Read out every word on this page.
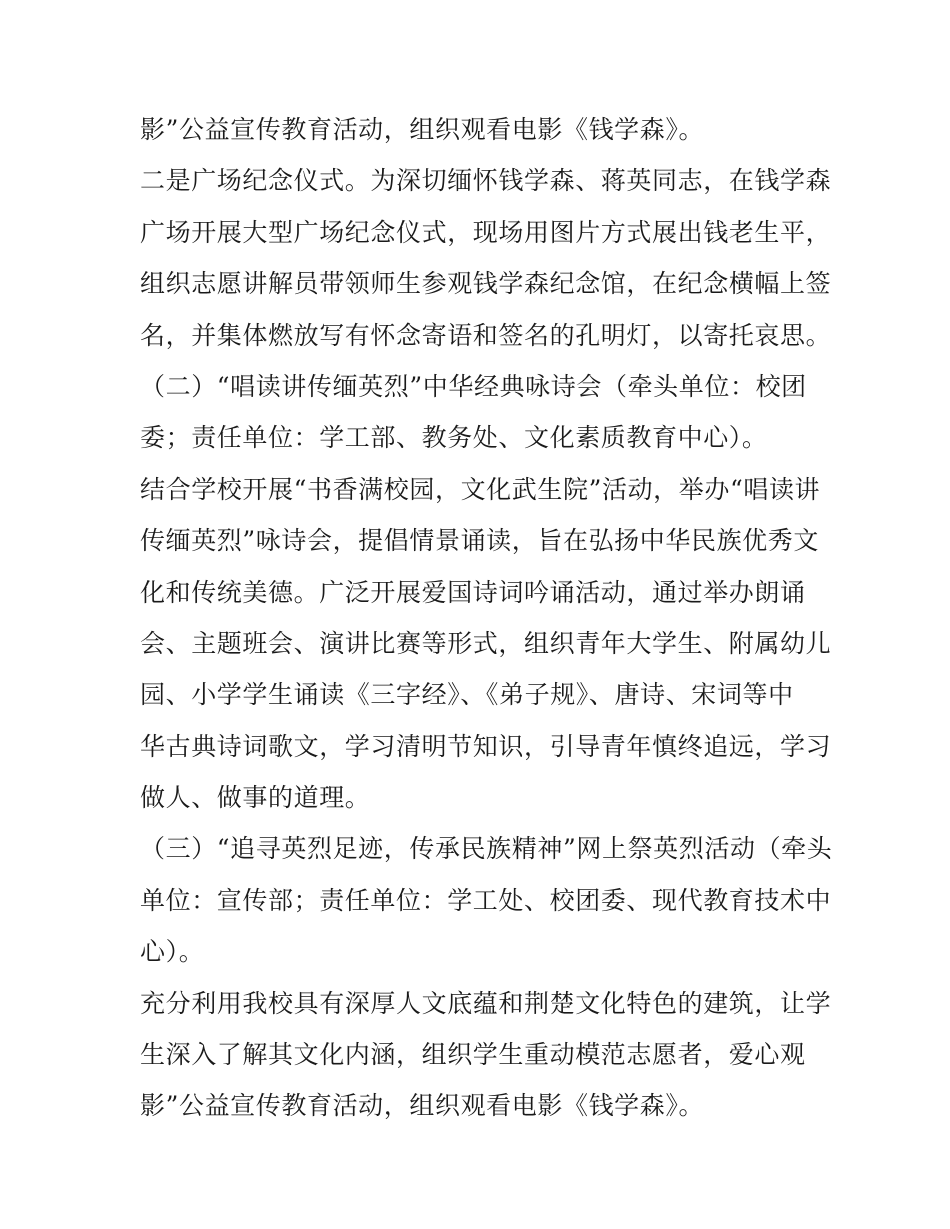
影”公益宣传教育活动，组织观看电影《钱学森》。
二是广场纪念仪式。为深切缅怀钱学森、蒋英同志，在钱学森
广场开展大型广场纪念仪式，现场用图片方式展出钱老生平，
组织志愿讲解员带领师生参观钱学森纪念馆，在纪念横幅上签
名，并集体燃放写有怀念寄语和签名的孔明灯，以寄托哀思。
（二）“唱读讲传缅英烈”中华经典咏诗会（牵头单位：校团
委；责任单位：学工部、教务处、文化素质教育中心）。
结合学校开展“书香满校园，文化武生院”活动，举办“唱读讲
传缅英烈”咏诗会，提倡情景诵读，旨在弘扬中华民族优秀文
化和传统美德。广泛开展爱国诗词吟诵活动，通过举办朗诵
会、主题班会、演讲比赛等形式，组织青年大学生、附属幼儿
园、小学学生诵读《三字经》、《弟子规》、唐诗、宋词等中
华古典诗词歌文，学习清明节知识，引导青年慎终追远，学习
做人、做事的道理。
（三）“追寻英烈足迹，传承民族精神”网上祭英烈活动（牵头
单位：宣传部；责任单位：学工处、校团委、现代教育技术中
心）。
充分利用我校具有深厚人文底蕴和荆楚文化特色的建筑，让学
生深入了解其文化内涵，组织学生重动模范志愿者，爱心观
影”公益宣传教育活动，组织观看电影《钱学森》。
